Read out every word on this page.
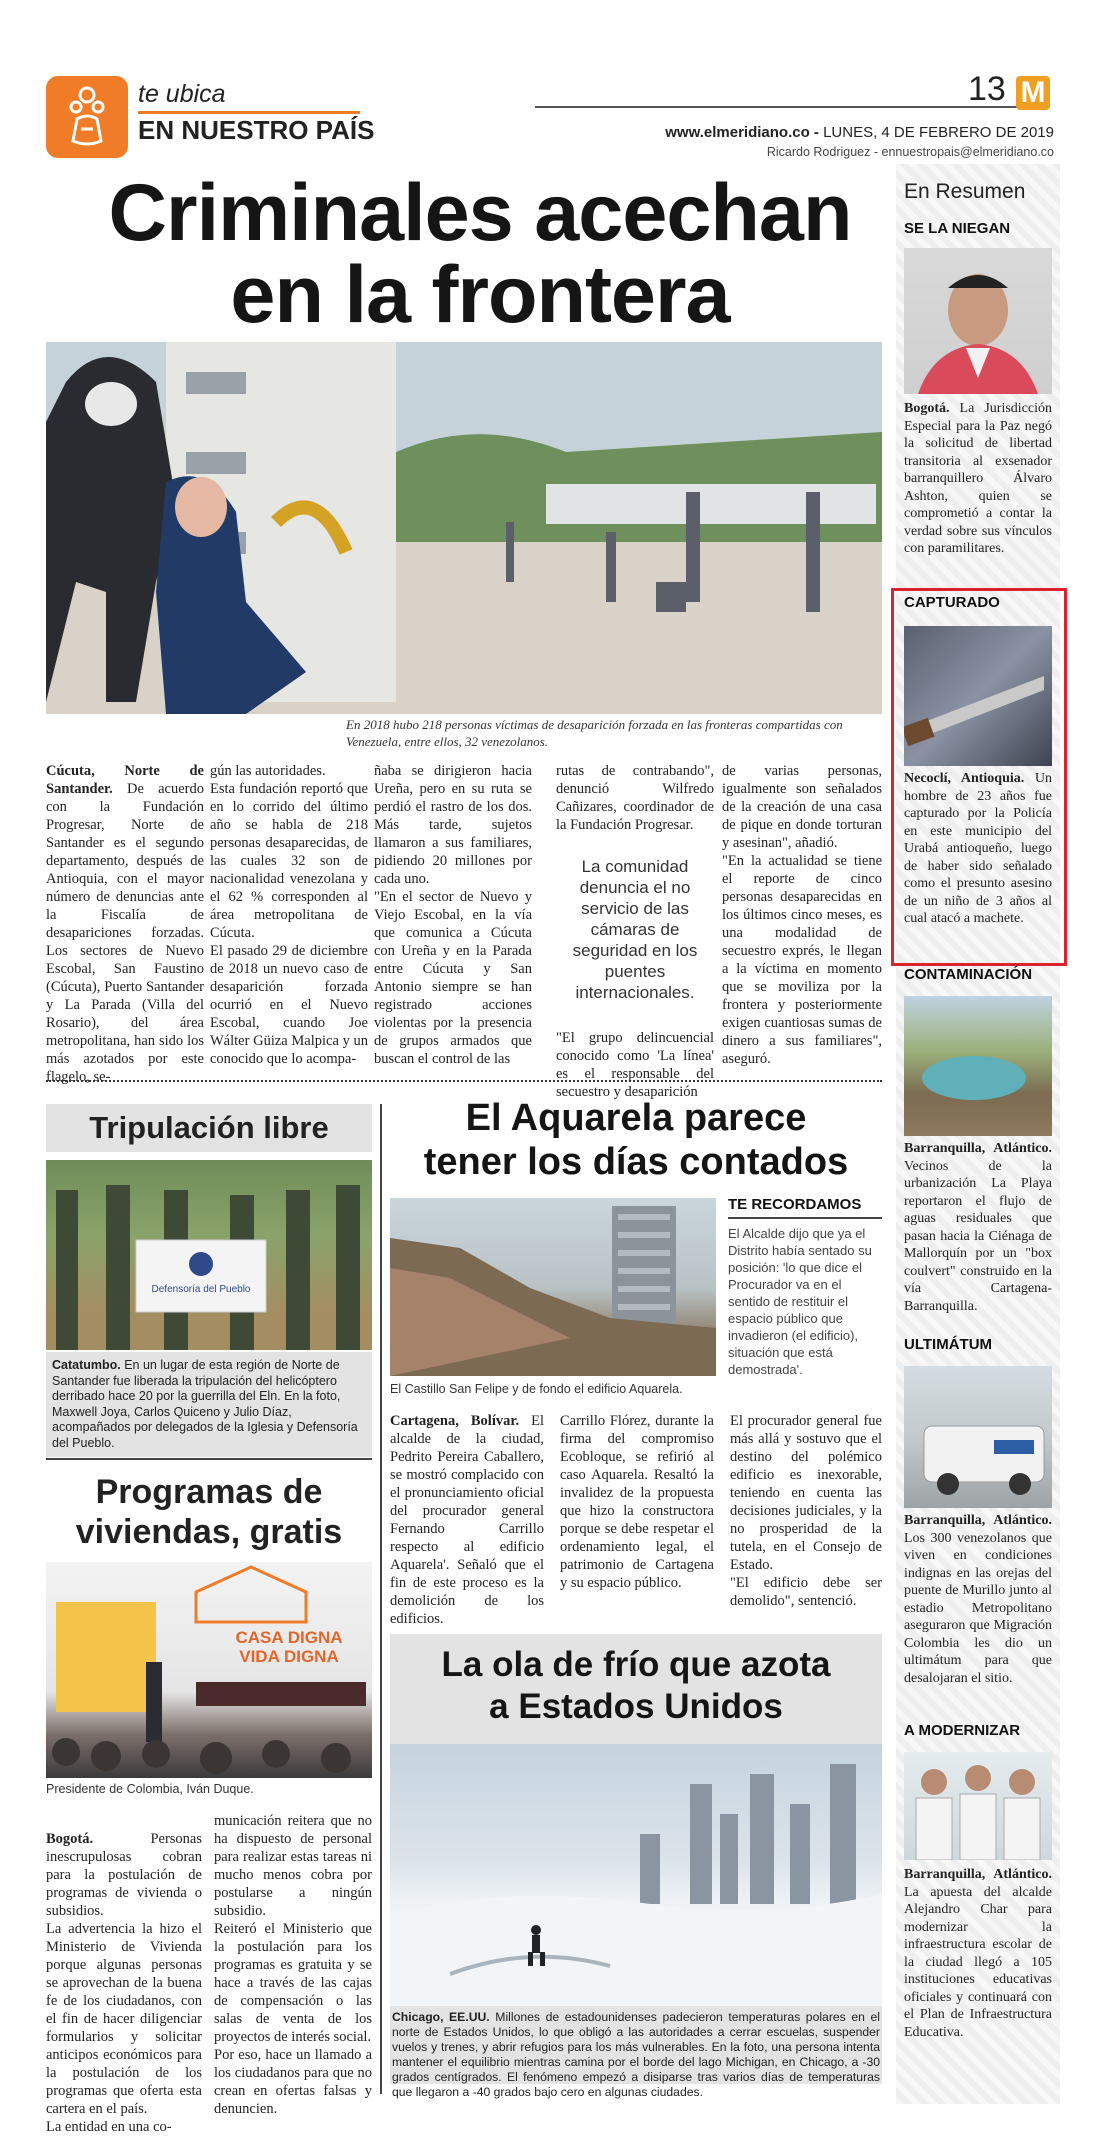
te ubica
EN NUESTRO PAÍS
13 M
www.elmeridiano.co - LUNES, 4 DE FEBRERO DE 2019
Ricardo Rodriguez - ennuestropais@elmeridiano.co
Criminales acechan
en la frontera
En 2018 hubo 218 personas víctimas de desaparición forzada en las fronteras compartidas con Venezuela, entre ellos, 32 venezolanos.
Cúcuta, Norte de Santander. De acuerdo con la Fundación Progresar, Norte de Santander es el segundo departamento, después de Antioquia, con el mayor número de denuncias ante la Fiscalía de desapariciones forzadas. Los sectores de Nuevo Escobal, San Faustino (Cúcuta), Puerto Santander y La Parada (Villa del Rosario), del área metropolitana, han sido los más azotados por este flagelo, se-
gún las autoridades.
Esta fundación reportó que en lo corrido del último año se habla de 218 personas desaparecidas, de las cuales 32 son de nacionalidad venezolana y el 62 % corresponden al área metropolitana de Cúcuta.
El pasado 29 de diciembre de 2018 un nuevo caso de desaparición forzada ocurrió en el Nuevo Escobal, cuando Joe Wálter Güiza Malpica y un conocido que lo acompa-
ñaba se dirigieron hacia Ureña, pero en su ruta se perdió el rastro de los dos. Más tarde, sujetos llamaron a sus familiares, pidiendo 20 millones por cada uno.
"En el sector de Nuevo y Viejo Escobal, en la vía que comunica a Cúcuta con Ureña y en la Parada entre Cúcuta y San Antonio siempre se han registrado acciones violentas por la presencia de grupos armados que buscan el control de las
rutas de contrabando", denunció Wilfredo Cañizares, coordinador de la Fundación Progresar.
La comunidad denuncia el no servicio de las cámaras de seguridad en los puentes internacionales.
"El grupo delincuencial conocido como 'La línea' es el responsable del secuestro y desaparición
de varias personas, igualmente son señalados de la creación de una casa de pique en donde torturan y asesinan", añadió.
"En la actualidad se tiene el reporte de cinco personas desaparecidas en los últimos cinco meses, es una modalidad de secuestro exprés, le llegan a la víctima en momento que se moviliza por la frontera y posteriormente exigen cuantiosas sumas de dinero a sus familiares", aseguró.
Tripulación libre
Defensoría del Pueblo
Catatumbo. En un lugar de esta región de Norte de Santander fue liberada la tripulación del helicóptero derribado hace 20 por la guerrilla del Eln. En la foto, Maxwell Joya, Carlos Quiceno y Julio Díaz, acompañados por delegados de la Iglesia y Defensoría del Pueblo.
Programas de
viviendas, gratis
CASA DIGNA
VIDA DIGNA
Presidente de Colombia, Iván Duque.

Bogotá.	Personas inescrupulosas cobran para la postulación de programas de vivienda o subsidios.
La advertencia la hizo el Ministerio de Vivienda porque algunas personas se aprovechan de la buena fe de los ciudadanos, con el fin de hacer diligenciar formularios y solicitar anticipos económicos para la postulación de los programas que oferta esta cartera en el país.
La entidad en una co-

municación reitera que no ha dispuesto de personal para realizar estas tareas ni mucho menos cobra por postularse a ningún subsidio.
Reiteró el Ministerio que la postulación para los programas es gratuita y se hace a través de las cajas de compensación o las salas de venta de los proyectos de interés social.
Por eso, hace un llamado a los ciudadanos para que no crean en ofertas falsas y denuncien.
El Aquarela parece
tener los días contados
El Castillo San Felipe y de fondo el edificio Aquarela.
TE RECORDAMOS
El Alcalde dijo que ya el Distrito había sentado su posición: 'lo que dice el Procurador va en el sentido de restituir el espacio público que invadieron (el edificio), situación que está demostrada'.
Cartagena, Bolívar. El alcalde de la ciudad, Pedrito Pereira Caballero, se mostró complacido con el pronunciamiento oficial del procurador general Fernando Carrillo respecto al edificio Aquarela'. Señaló que el fin de este proceso es la demolición de los edificios.
Carrillo Flórez, durante la firma del compromiso Ecobloque, se refirió al caso Aquarela. Resaltó la invalidez de la propuesta que hizo la constructora porque se debe respetar el ordenamiento legal, el patrimonio de Cartagena y su espacio público.
El procurador general fue más allá y sostuvo que el destino del polémico edificio es inexorable, teniendo en cuenta las decisiones judiciales, y la no prosperidad de la tutela, en el Consejo de Estado.
"El edificio debe ser demolido", sentenció.
La ola de frío que azota
a Estados Unidos
Chicago, EE.UU. Millones de estadounidenses padecieron temperaturas polares en el norte de Estados Unidos, lo que obligó a las autoridades a cerrar escuelas, suspender vuelos y trenes, y abrir refugios para los más vulnerables. En la foto, una persona intenta mantener el equilibrio mientras camina por el borde del lago Michigan, en Chicago, a -30 grados centígrados. El fenómeno empezó a disiparse tras varios días de temperaturas que llegaron a -40 grados bajo cero en algunas ciudades.
En Resumen
SE LA NIEGAN
Bogotá. La Jurisdicción Especial para la Paz negó la solicitud de libertad transitoria al exsenador barranquillero Álvaro Ashton, quien se comprometió a contar la verdad sobre sus vínculos con paramilitares.
CAPTURADO
Necoclí, Antioquia. Un hombre de 23 años fue capturado por la Policía en este municipio del Urabá antioqueño, luego de haber sido señalado como el presunto asesino de un niño de 3 años al cual atacó a machete.
CONTAMINACIÓN
Barranquilla, Atlántico. Vecinos de la urbanización La Playa reportaron el flujo de aguas residuales que pasan hacia la Ciénaga de Mallorquín por un "box coulvert" construido en la vía Cartagena-Barranquilla.
ULTIMÁTUM
Barranquilla, Atlántico. Los 300 venezolanos que viven en condiciones indignas en las orejas del puente de Murillo junto al estadio Metropolitano aseguraron que Migración Colombia les dio un ultimátum para que desalojaran el sitio.
A MODERNIZAR
Barranquilla, Atlántico. La apuesta del alcalde Alejandro Char para modernizar la infraestructura escolar de la ciudad llegó a 105 instituciones educativas oficiales y continuará con el Plan de Infraestructura Educativa.
